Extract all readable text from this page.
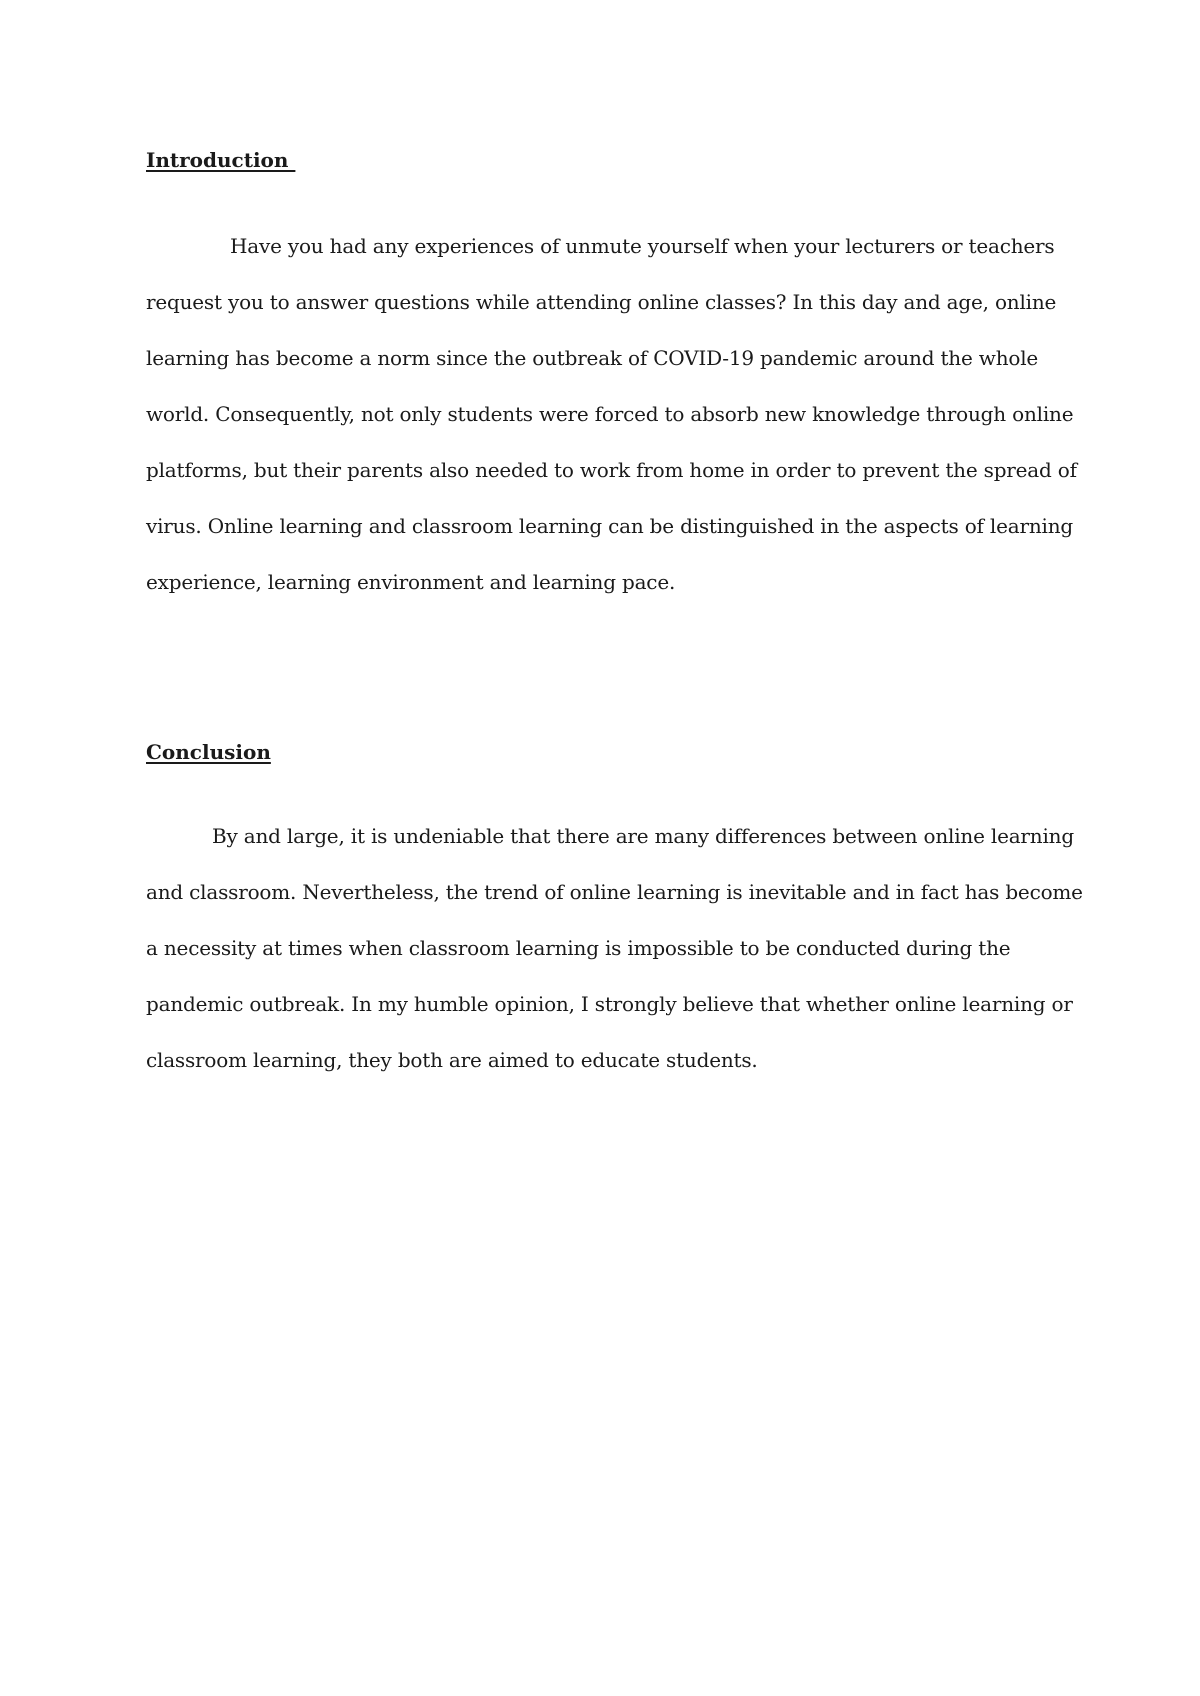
Introduction

Have you had any experiences of unmute yourself when your lecturers or teachers

request you to answer questions while attending online classes? In this day and age, online

learning has become a norm since the outbreak of COVID-19 pandemic around the whole

world. Consequently, not only students were forced to absorb new knowledge through online

platforms, but their parents also needed to work from home in order to prevent the spread of

virus. Online learning and classroom learning can be distinguished in the aspects of learning

experience, learning environment and learning pace.

Conclusion

By and large, it is undeniable that there are many differences between online learning

and classroom. Nevertheless, the trend of online learning is inevitable and in fact has become

a necessity at times when classroom learning is impossible to be conducted during the

pandemic outbreak. In my humble opinion, I strongly believe that whether online learning or

classroom learning, they both are aimed to educate students.
